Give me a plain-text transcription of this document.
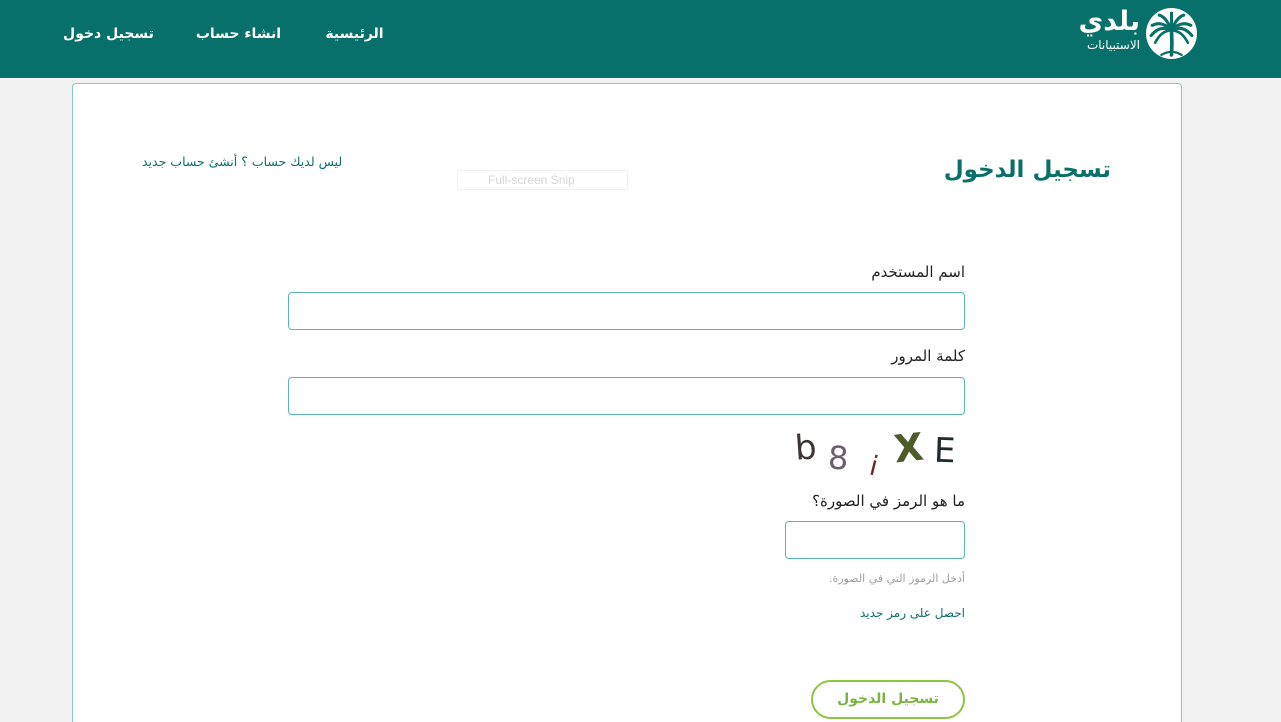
بلدي
الاستبيانات
الرئيسية
انشاء حساب
تسجيل دخول
تسجيل الدخول
ليس لديك حساب ؟ أنشئ حساب جديد
Full-screen Snip
اسم المستخدم
كلمة المرور
b 8 i X E
ما هو الرمز في الصورة؟
أدخل الرموز التي في الصورة.
احصل على رمز جديد
تسجيل الدخول
